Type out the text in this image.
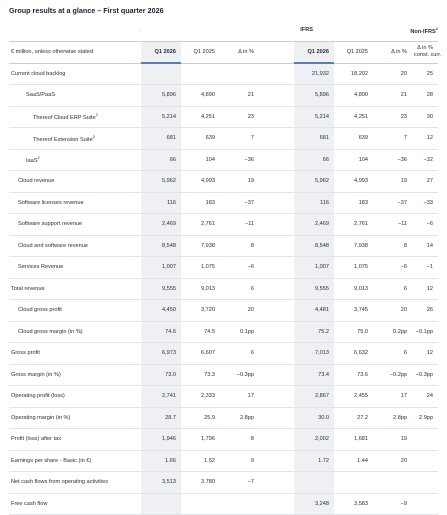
Group results at a glance – First quarter 2026
.	IFRS						Non-IFRS$^1$
€ million, unless otherwise stated	Q1 2026	Q1 2025	Δ in %		Q1 2026	Q1 2025	Δ in %	Δ in %
const. curr.
Current cloud backlog					21,932	18,202	20	25
SaaS/PaaS	5,896	4,890	21		5,896	4,890	21	28
Thereof Cloud ERP Suite$^2$	5,214	4,251	23		5,214	4,251	23	30
Thereof Extension Suite$^2$	681	639	7		681	639	7	12
IaaS$^2$	66	104	−36		66	104	−36	−32
Cloud revenue	5,962	4,993	19		5,962	4,993	19	27
Software licenses revenue	116	183	−37		116	183	−37	−33
Software support revenue	2,469	2,761	−11		2,469	2,761	−11	−6
Cloud and software revenue	8,548	7,938	8		8,548	7,938	8	14
Services Revenue	1,007	1,075	−6		1,007	1,075	−6	−1
Total revenue	9,555	9,013	6		9,555	9,013	6	12
Cloud gross profit	4,450	3,720	20		4,481	3,745	20	26
Cloud gross margin (in %)	74.6	74.5	0.1pp		75.2	75.0	0.2pp	−0.1pp
Gross profit	6,973	6,607	6		7,013	6,632	6	12
Gross margin (in %)	73.0	73.3	−0.3pp		73.4	73.6	−0.2pp	−0.3pp
Operating profit (loss)	2,741	2,333	17		2,867	2,455	17	24
Operating margin (in %)	28.7	25.9	2.8pp		30.0	27.2	2.8pp	2.9pp
Profit (loss) after tax	1,946	1,796	8		2,002	1,681	19	
Earnings per share - Basic (in €)	1.66	1.52	9		1.72	1.44	20	
Net cash flows from operating activities	3,513	3,780	−7					
Free cash flow					3,248	3,583	−9	
